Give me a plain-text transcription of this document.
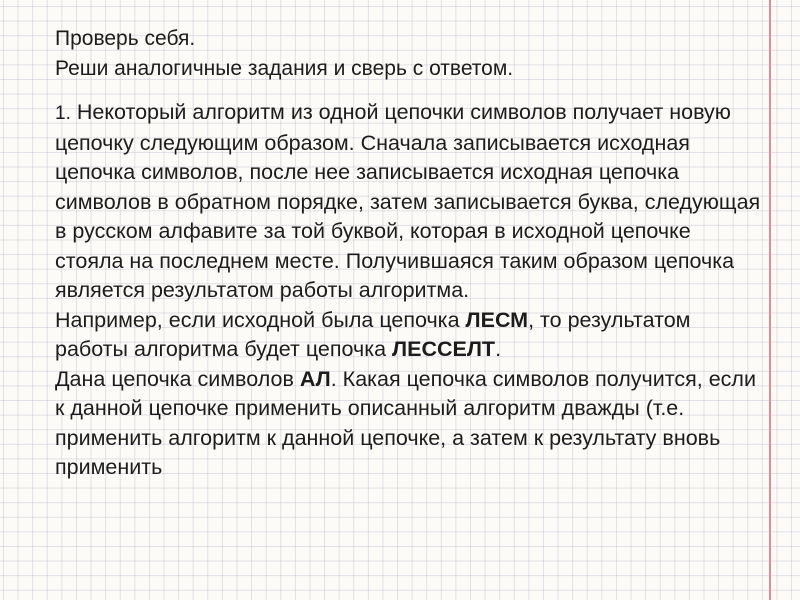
Проверь себя.
Реши аналогичные задания и сверь с ответом.

1. Некоторый алгоритм из одной цепочки символов получает новую цепочку следующим образом. Сначала записывается исходная цепочка символов, после нее записывается исходная цепочка символов в обратном порядке, затем записывается буква, следующая в русском алфавите за той буквой, которая в исходной цепочке стояла на последнем месте. Получившаяся таким образом цепочка является результатом работы алгоритма.
Например, если исходной была цепочка ЛЕСМ, то результатом работы алгоритма будет цепочка ЛЕССЕЛТ.
Дана цепочка символов АЛ. Какая цепочка символов получится, если к данной цепочке применить описанный алгоритм дважды (т.е. применить алгоритм к данной цепочке, а затем к результату вновь применить
